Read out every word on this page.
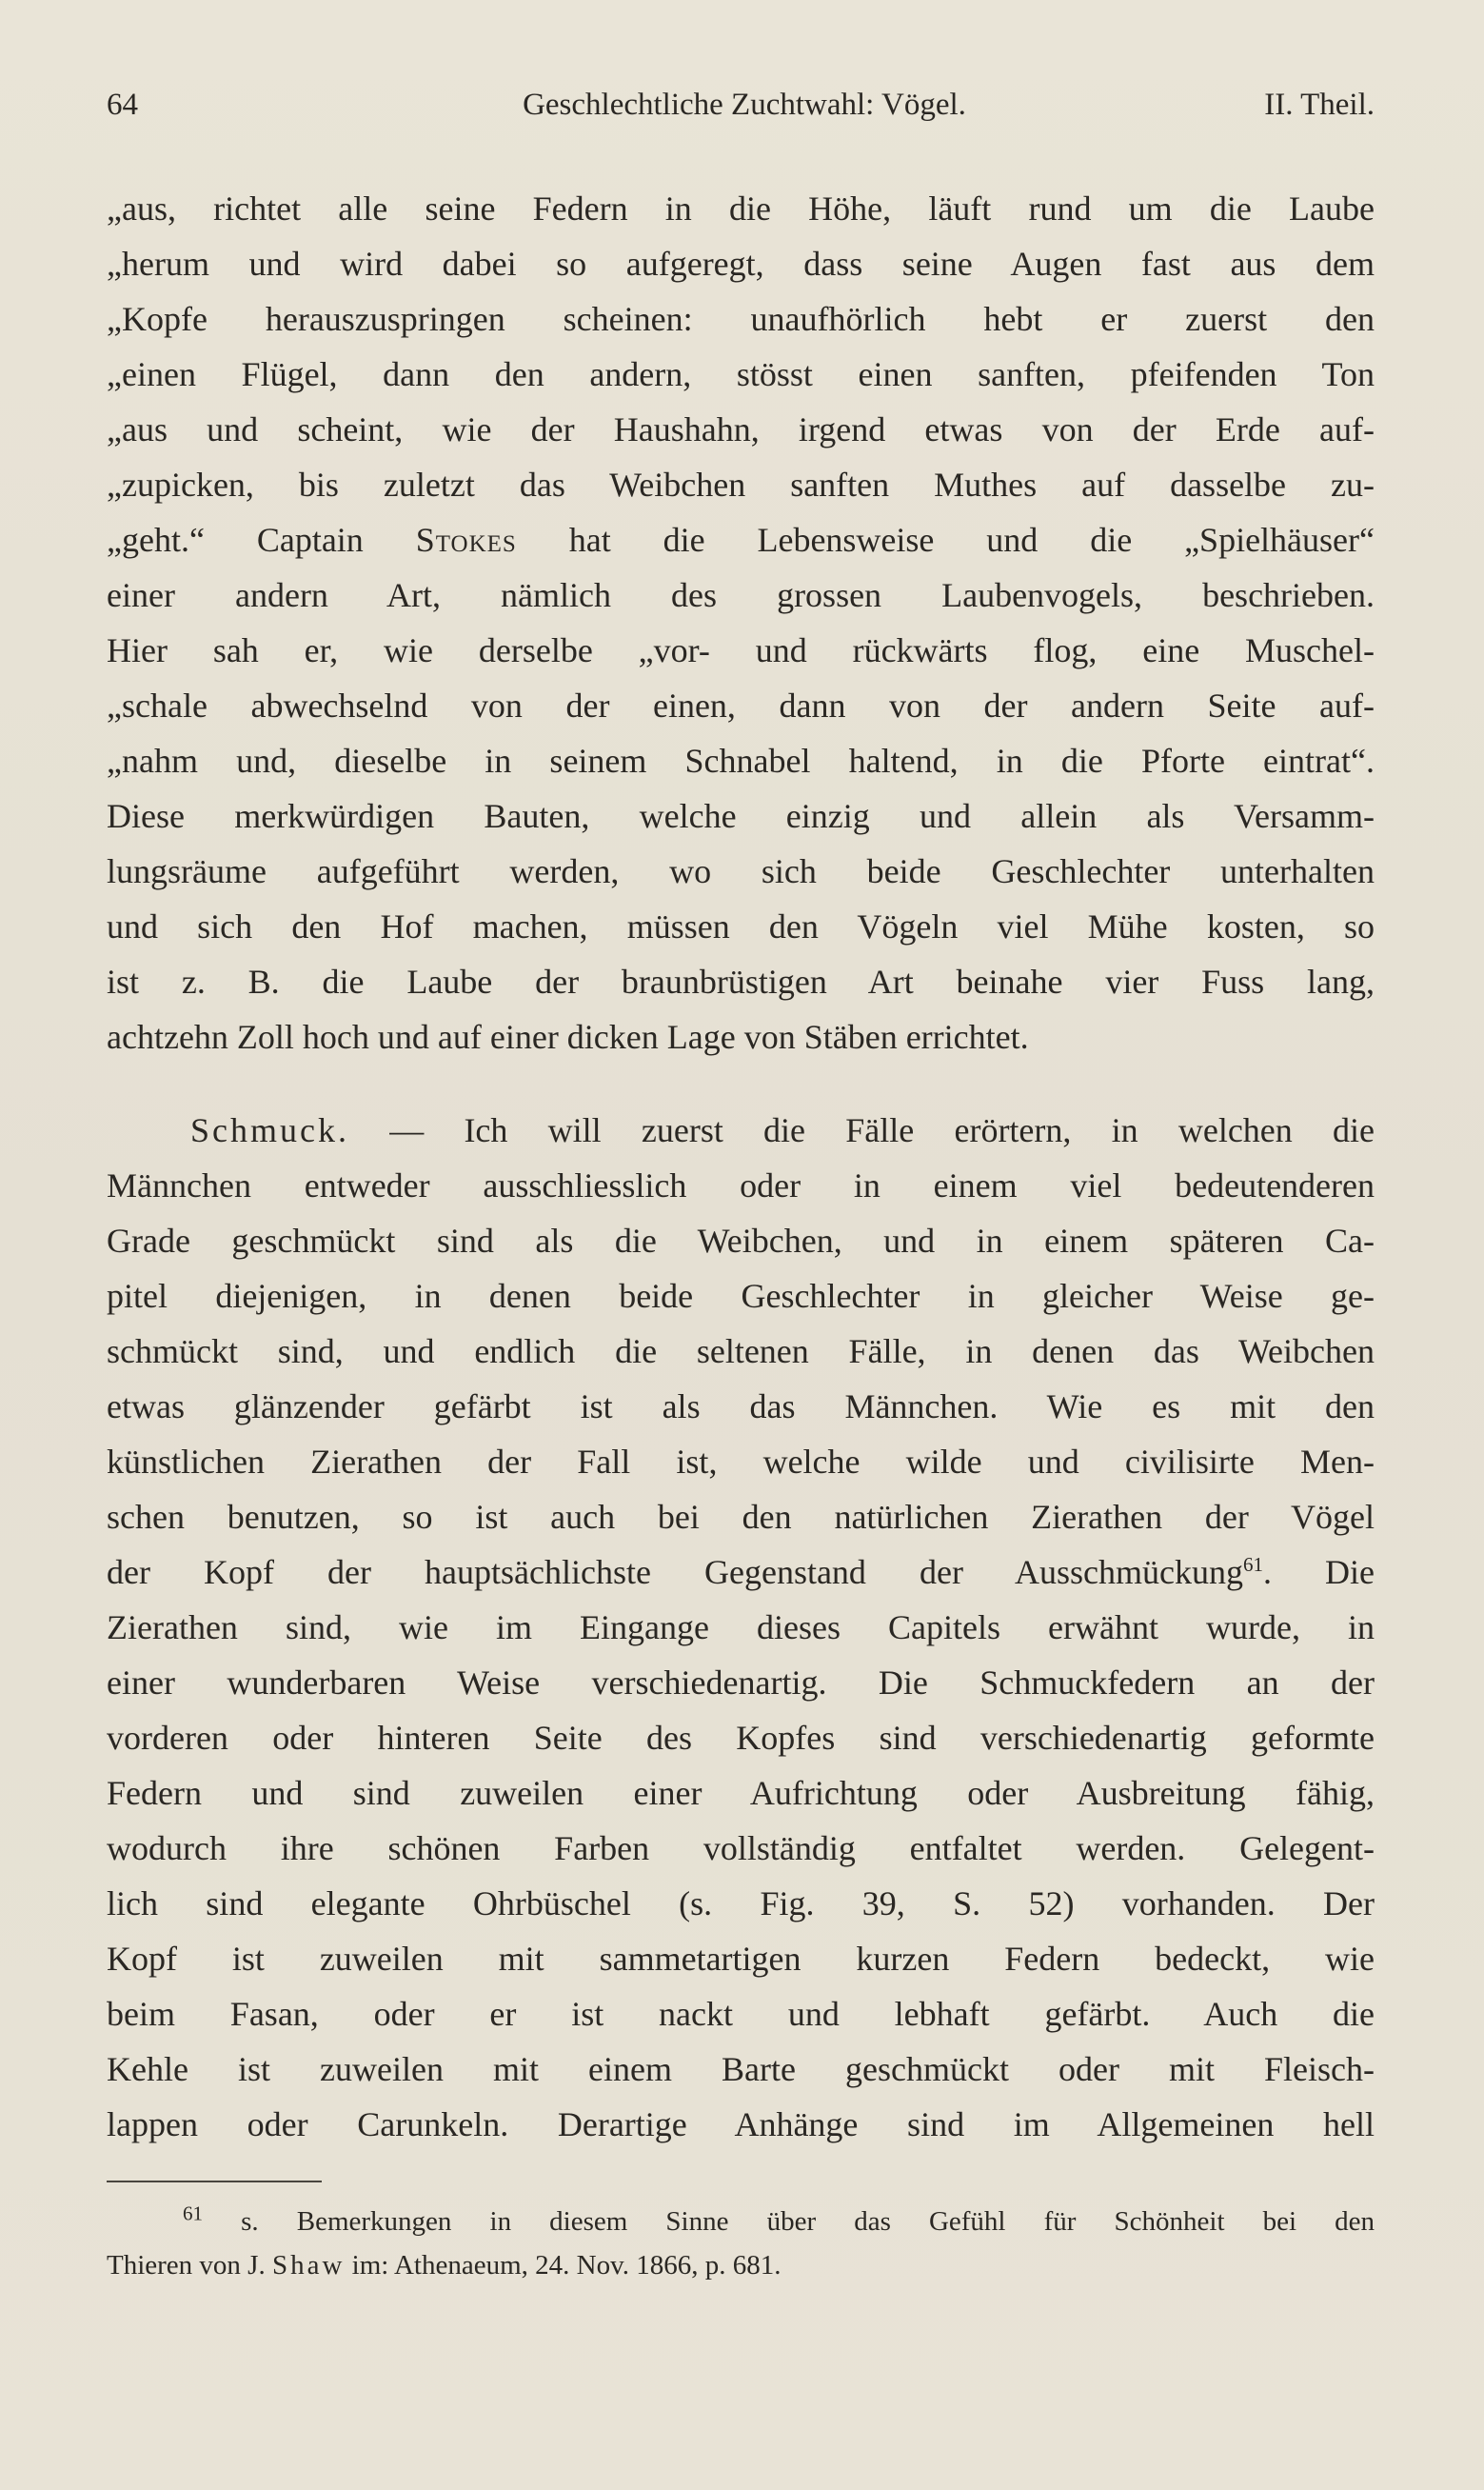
64	Geschlechtliche Zuchtwahl: Vögel.	II. Theil.
„aus, richtet alle seine Federn in die Höhe, läuft rund um die Laube
„herum und wird dabei so aufgeregt, dass seine Augen fast aus dem
„Kopfe herauszuspringen scheinen: unaufhörlich hebt er zuerst den
„einen Flügel, dann den andern, stösst einen sanften, pfeifenden Ton
„aus und scheint, wie der Haushahn, irgend etwas von der Erde auf-
„zupicken, bis zuletzt das Weibchen sanften Muthes auf dasselbe zu-
„geht.“ Captain Stokes hat die Lebensweise und die „Spielhäuser“
einer andern Art, nämlich des grossen Laubenvogels, beschrieben.
Hier sah er, wie derselbe „vor- und rückwärts flog, eine Muschel-
„schale abwechselnd von der einen, dann von der andern Seite auf-
„nahm und, dieselbe in seinem Schnabel haltend, in die Pforte eintrat“.
Diese merkwürdigen Bauten, welche einzig und allein als Versamm-
lungsräume aufgeführt werden, wo sich beide Geschlechter unterhalten
und sich den Hof machen, müssen den Vögeln viel Mühe kosten, so
ist z. B. die Laube der braunbrüstigen Art beinahe vier Fuss lang,
achtzehn Zoll hoch und auf einer dicken Lage von Stäben errichtet.
Schmuck. — Ich will zuerst die Fälle erörtern, in welchen die
Männchen entweder ausschliesslich oder in einem viel bedeutenderen
Grade geschmückt sind als die Weibchen, und in einem späteren Ca-
pitel diejenigen, in denen beide Geschlechter in gleicher Weise ge-
schmückt sind, und endlich die seltenen Fälle, in denen das Weibchen
etwas glänzender gefärbt ist als das Männchen. Wie es mit den
künstlichen Zierathen der Fall ist, welche wilde und civilisirte Men-
schen benutzen, so ist auch bei den natürlichen Zierathen der Vögel
der Kopf der hauptsächlichste Gegenstand der Ausschmückung$^{61}$. Die
Zierathen sind, wie im Eingange dieses Capitels erwähnt wurde, in
einer wunderbaren Weise verschiedenartig. Die Schmuckfedern an der
vorderen oder hinteren Seite des Kopfes sind verschiedenartig geformte
Federn und sind zuweilen einer Aufrichtung oder Ausbreitung fähig,
wodurch ihre schönen Farben vollständig entfaltet werden. Gelegent-
lich sind elegante Ohrbüschel (s. Fig. 39, S. 52) vorhanden. Der
Kopf ist zuweilen mit sammetartigen kurzen Federn bedeckt, wie
beim Fasan, oder er ist nackt und lebhaft gefärbt. Auch die
Kehle ist zuweilen mit einem Barte geschmückt oder mit Fleisch-
lappen oder Carunkeln. Derartige Anhänge sind im Allgemeinen hell
$^{61}$ s. Bemerkungen in diesem Sinne über das Gefühl für Schönheit bei den
Thieren von J. Shaw im: Athenaeum, 24. Nov. 1866, p. 681.
